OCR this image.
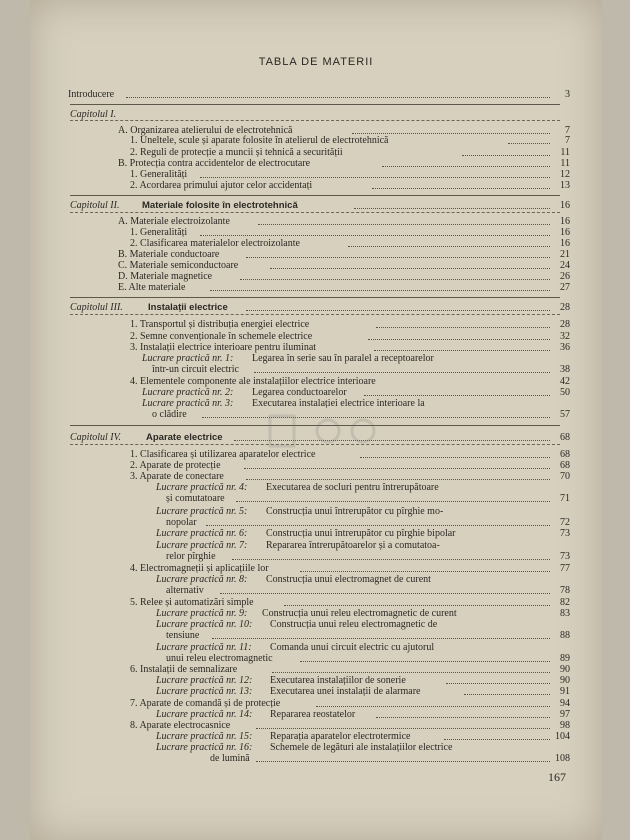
TABLA DE MATERII
Introducere	3
Capitolul I.
A. Organizarea atelierului de electrotehnică	7
1. Uneltele, scule și aparate folosite în atelierul de electrotehnică	7
2. Reguli de protecție a muncii și tehnică a securității	11
B. Protecția contra accidentelor de electrocutare	11
1. Generalități	12
2. Acordarea primului ajutor celor accidentați	13
Capitolul II. Materiale folosite în electrotehnică	16
A. Materiale electroizolante	16
1. Generalități	16
2. Clasificarea materialelor electroizolante	16
B. Materiale conductoare	21
C. Materiale semiconductoare	24
D. Materiale magnetice	26
E. Alte materiale	27
Capitolul III.	Instalații electrice	28
1. Transportul și distribuția energiei electrice	28
2. Semne convenționale în schemele electrice	32
3. Instalații electrice interioare pentru iluminat	36
Lucrare practică nr. 1: Legarea în serie sau în paralel a receptoarelor
într-un circuit electric	38
4. Elementele componente ale instalațiilor electrice interioare	42
Lucrare practică nr. 2: Legarea conductoarelor	50
Lucrare practică nr. 3: Executarea instalației electrice interioare la
o clădire	57
Capitolul IV.	Aparate electrice	68
1. Clasificarea și utilizarea aparatelor electrice	68
2. Aparate de protecție	68
3. Aparate de conectare	70
Lucrare practică nr. 4: Executarea de socluri pentru întrerupătoare
și comutatoare	71
Lucrare practică nr. 5: Construcția unui întrerupător cu pîrghie mo-
nopolar	72
Lucrare practică nr. 6: Construcția unui întrerupător cu pîrghie bipolar	73
Lucrare practică nr. 7: Repararea întrerupătoarelor și a comutatoa-
relor pîrghie	73
4. Electromagneții și aplicațiile lor	77
Lucrare practică nr. 8: Construcția unui electromagnet de curent
alternativ	78
5. Relee și automatizări simple	82
Lucrare practică nr. 9: Construcția unui releu electromagnetic de curent	83
Lucrare practică nr. 10: Construcția unui releu electromagnetic de
tensiune	88
Lucrare practică nr. 11: Comanda unui circuit electric cu ajutorul
unui releu electromagnetic	89
6. Instalații de semnalizare	90
Lucrare practică nr. 12: Executarea instalațiilor de sonerie	90
Lucrare practică nr. 13: Executarea unei instalații de alarmare	91
7. Aparate de comandă și de protecție	94
Lucrare practică nr. 14: Repararea reostatelor	97
8. Aparate electrocasnice	98
Lucrare practică nr. 15: Reparația aparatelor electrotermice	104
Lucrare practică nr. 16: Schemele de legături ale instalațiilor electrice
de lumină	108
167
